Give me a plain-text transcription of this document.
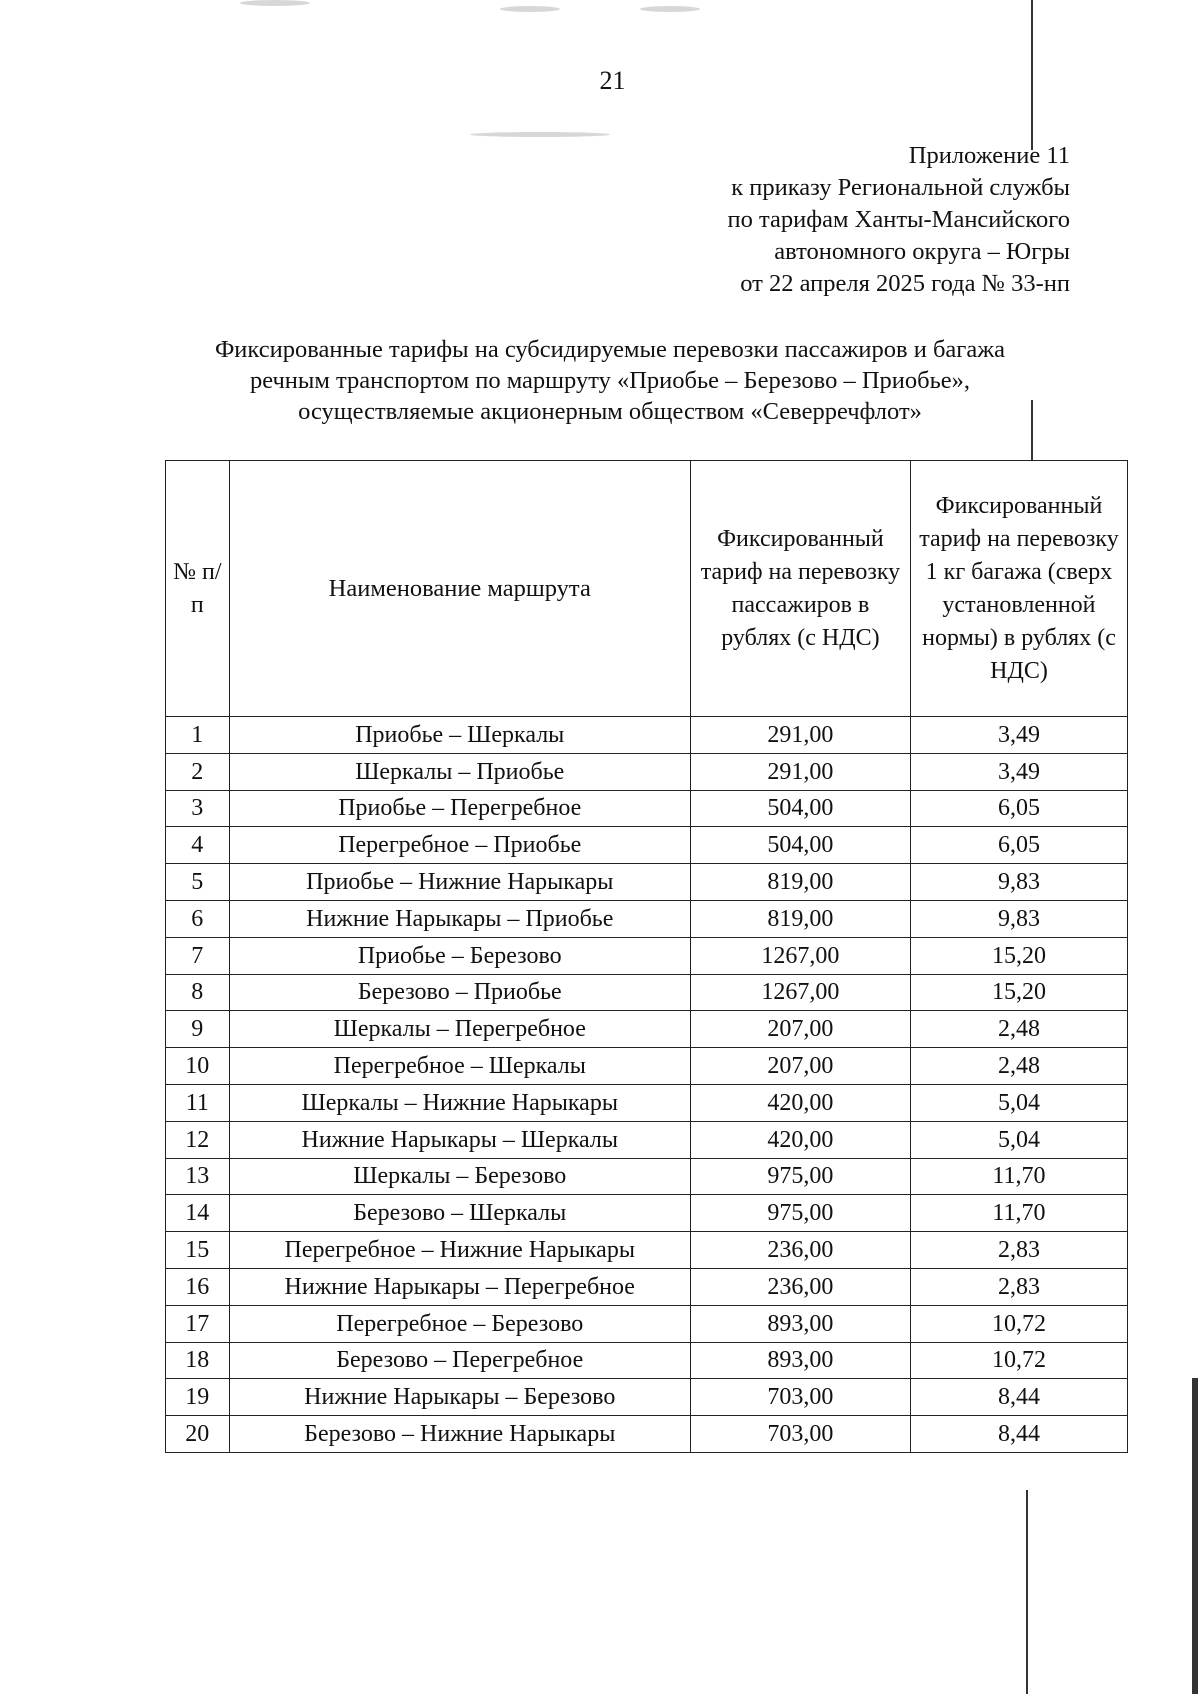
21
Приложение 11
к приказу Региональной службы
по тарифам Ханты-Мансийского
автономного округа – Югры
от 22 апреля 2025 года № 33-нп
Фиксированные тарифы на субсидируемые перевозки пассажиров и багажа
речным транспортом по маршруту «Приобье – Березово – Приобье»,
осуществляемые акционерным обществом «Северречфлот»
№ п/п	Наименование маршрута	Фиксированный тариф на перевозку пассажиров в рублях (с НДС)	Фиксированный тариф на перевозку 1 кг багажа (сверх установленной нормы) в рублях (с НДС)
1	Приобье – Шеркалы	291,00	3,49
2	Шеркалы – Приобье	291,00	3,49
3	Приобье – Перегребное	504,00	6,05
4	Перегребное – Приобье	504,00	6,05
5	Приобье – Нижние Нарыкары	819,00	9,83
6	Нижние Нарыкары – Приобье	819,00	9,83
7	Приобье – Березово	1267,00	15,20
8	Березово – Приобье	1267,00	15,20
9	Шеркалы – Перегребное	207,00	2,48
10	Перегребное – Шеркалы	207,00	2,48
11	Шеркалы – Нижние Нарыкары	420,00	5,04
12	Нижние Нарыкары – Шеркалы	420,00	5,04
13	Шеркалы – Березово	975,00	11,70
14	Березово – Шеркалы	975,00	11,70
15	Перегребное – Нижние Нарыкары	236,00	2,83
16	Нижние Нарыкары – Перегребное	236,00	2,83
17	Перегребное – Березово	893,00	10,72
18	Березово – Перегребное	893,00	10,72
19	Нижние Нарыкары – Березово	703,00	8,44
20	Березово – Нижние Нарыкары	703,00	8,44
